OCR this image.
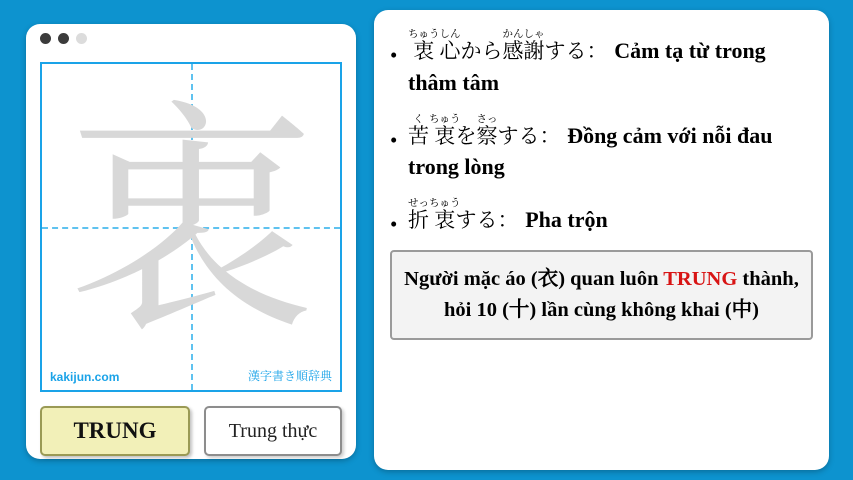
衷
kakijun.com	漢字書き順辞典
TRUNG	Trung thực
• 衷ちゅう心しんから感かん謝しゃする： Cảm tạ từ trong thâm tâm
• 苦く衷ちゅうを察さっする： Đồng cảm với nỗi đau trong lòng
• 折せっ衷ちゅうする： Pha trộn
Người mặc áo (衣) quan luôn TRUNG thành, hỏi 10 (十) lần cùng không khai (中)
